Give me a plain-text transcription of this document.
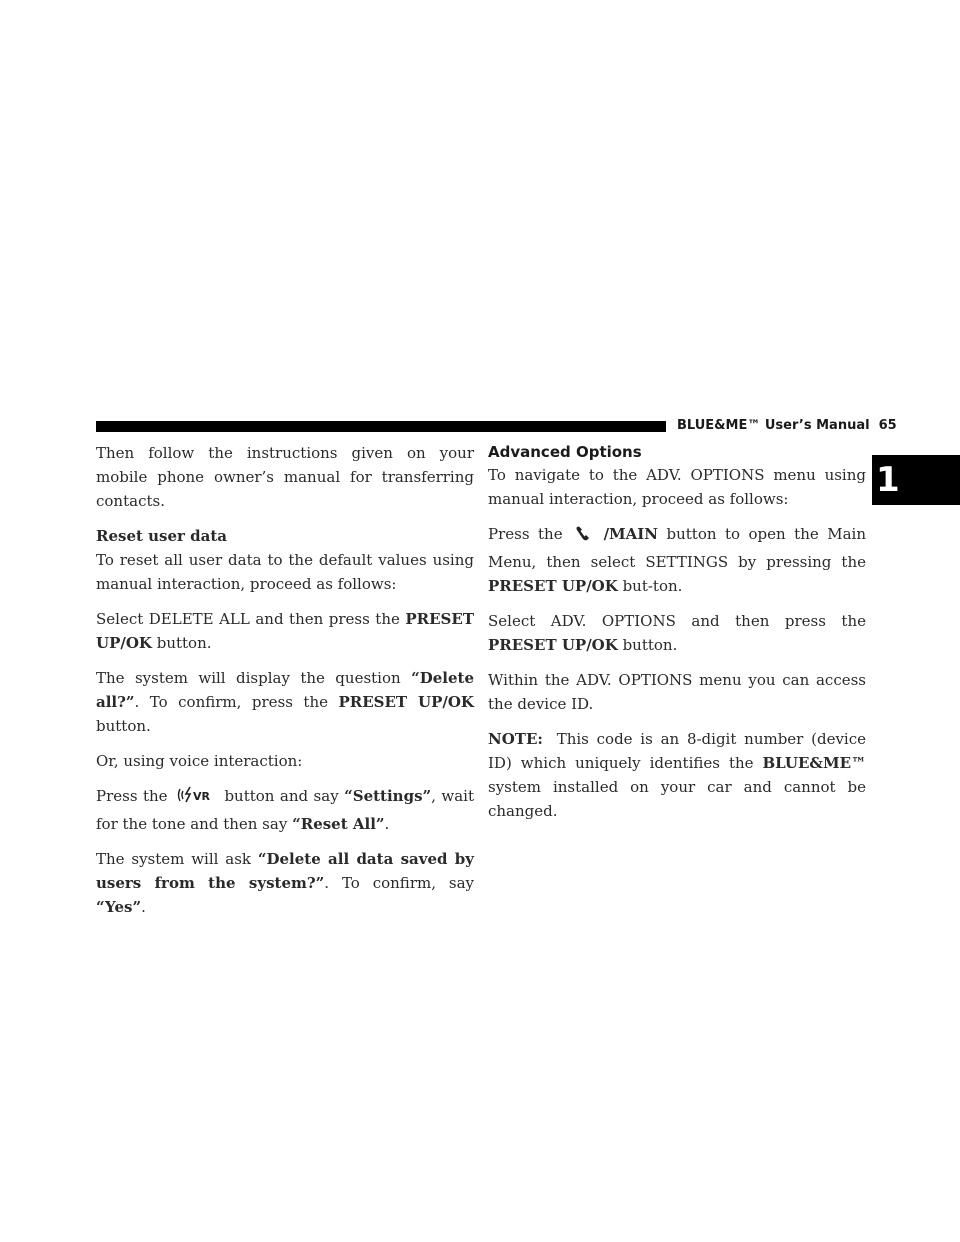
BLUE&ME™ User’s Manual 65
1

Then follow the instructions given on your mobile phone owner’s manual for transferring contacts.

Reset user data

To reset all user data to the default values using manual interaction, proceed as follows:

Select DELETE ALL and then press the PRESET UP/OK button.

The system will display the question “Delete all?”. To confirm, press the PRESET UP/OK button.

Or, using voice interaction:

Press the VR button and say “Settings”, wait for the tone and then say “Reset All”.

The system will ask “Delete all data saved by users from the system?”. To confirm, say “Yes”.

Advanced Options

To navigate to the ADV. OPTIONS menu using manual interaction, proceed as follows:

Press the	/MAIN button to open the Main Menu, then select SETTINGS by pressing the PRESET UP/OK but-ton.

Select ADV. OPTIONS and then press the PRESET UP/OK button.

Within the ADV. OPTIONS menu you can access the device ID.

NOTE: This code is an 8-digit number (device ID) which uniquely identifies the BLUE&ME™ system installed on your car and cannot be changed.
